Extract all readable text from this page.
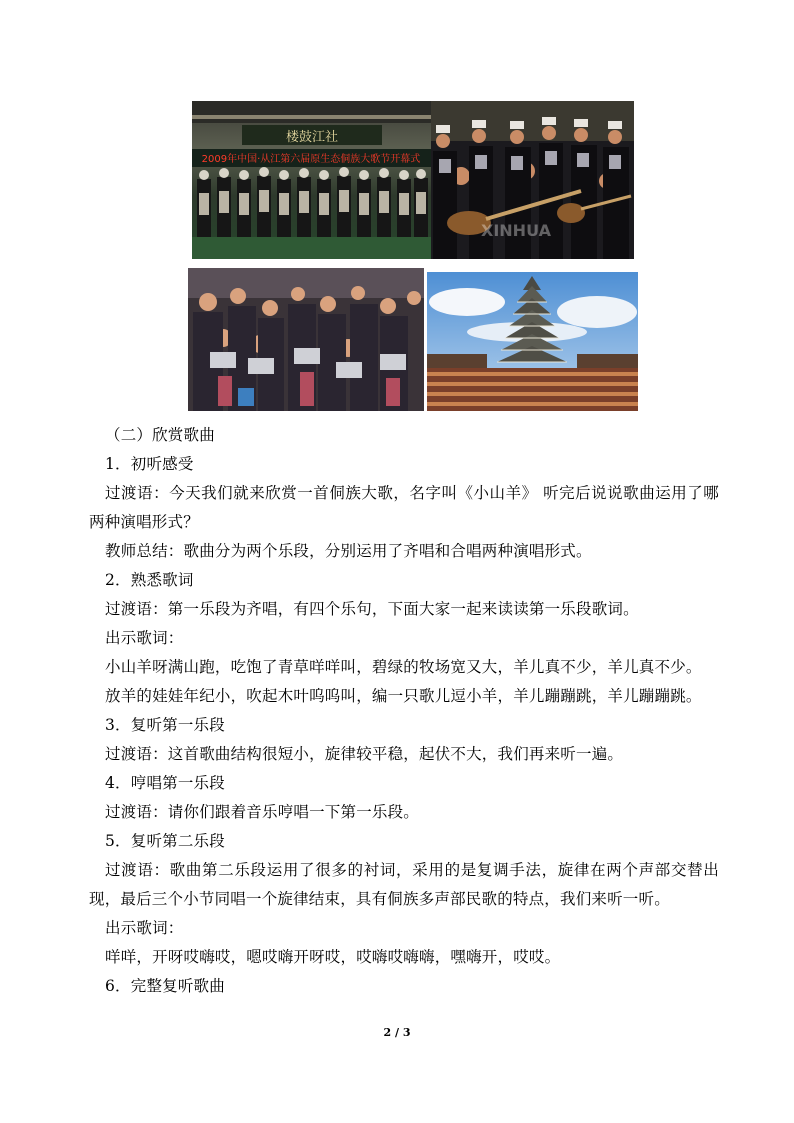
楼鼓江社
2009年中国·从江第六届原生态侗族大歌节开幕式
XINHUA
（二）欣赏歌曲
1．初听感受
过渡语：今天我们就来欣赏一首侗族大歌，名字叫《小山羊》 听完后说说歌曲运用了哪
两种演唱形式？
教师总结：歌曲分为两个乐段，分别运用了齐唱和合唱两种演唱形式。
2．熟悉歌词
过渡语：第一乐段为齐唱，有四个乐句，下面大家一起来读读第一乐段歌词。
出示歌词：
小山羊呀满山跑，吃饱了青草咩咩叫，碧绿的牧场宽又大，羊儿真不少，羊儿真不少。
放羊的娃娃年纪小，吹起木叶呜呜叫，编一只歌儿逗小羊，羊儿蹦蹦跳，羊儿蹦蹦跳。
3．复听第一乐段
过渡语：这首歌曲结构很短小，旋律较平稳，起伏不大，我们再来听一遍。
4．哼唱第一乐段
过渡语：请你们跟着音乐哼唱一下第一乐段。
5．复听第二乐段
过渡语：歌曲第二乐段运用了很多的衬词，采用的是复调手法，旋律在两个声部交替出
现，最后三个小节同唱一个旋律结束，具有侗族多声部民歌的特点，我们来听一听。
出示歌词：
咩咩，开呀哎嗨哎，嗯哎嗨开呀哎，哎嗨哎嗨嗨，嘿嗨开，哎哎。
6．完整复听歌曲
2 / 3
